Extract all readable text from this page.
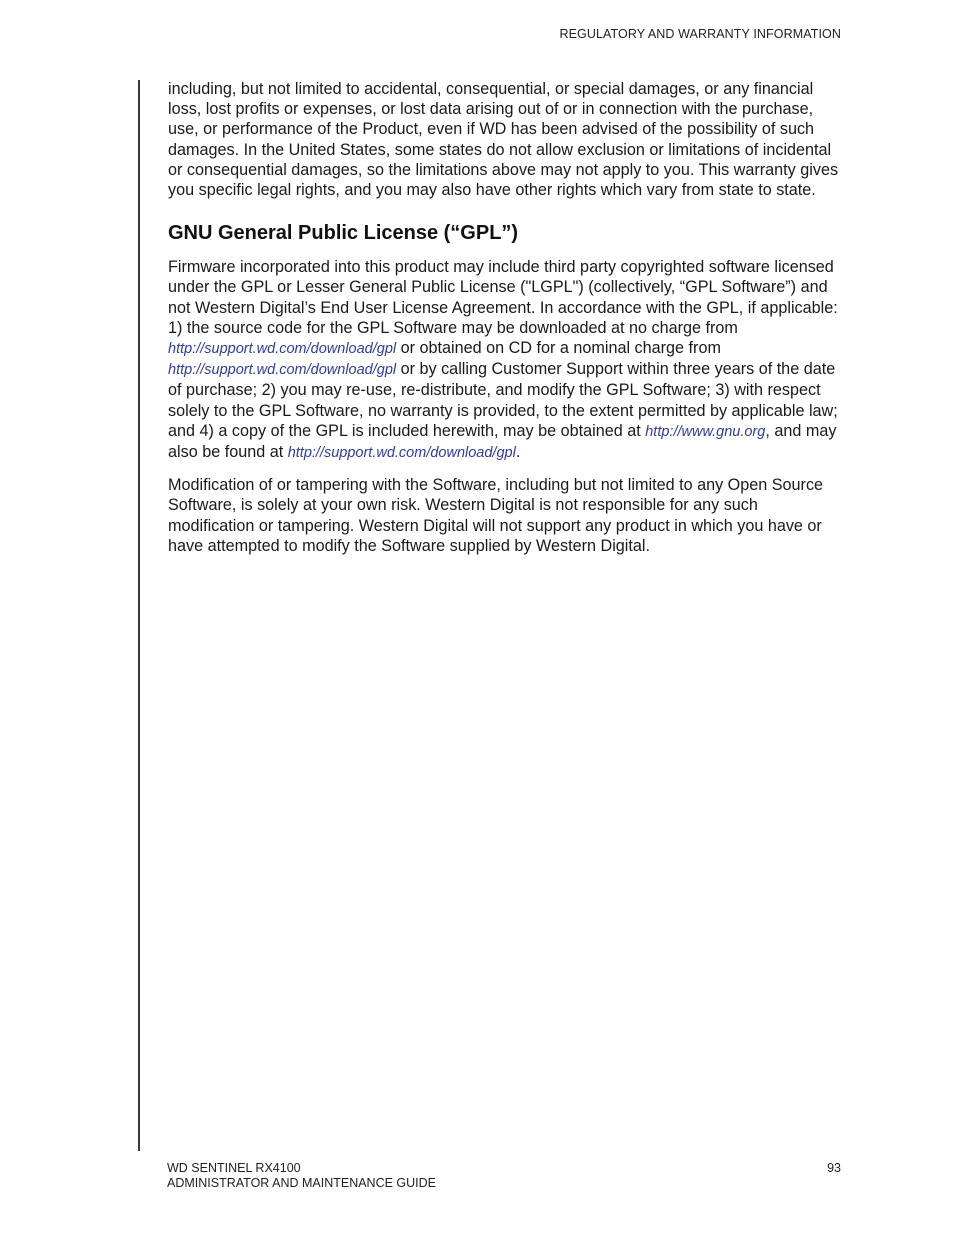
REGULATORY AND WARRANTY INFORMATION

including, but not limited to accidental, consequential, or special damages, or any financial loss, lost profits or expenses, or lost data arising out of or in connection with the purchase, use, or performance of the Product, even if WD has been advised of the possibility of such damages. In the United States, some states do not allow exclusion or limitations of incidental or consequential damages, so the limitations above may not apply to you. This warranty gives you specific legal rights, and you may also have other rights which vary from state to state.

GNU General Public License (“GPL”)

Firmware incorporated into this product may include third party copyrighted software licensed under the GPL or Lesser General Public License ("LGPL") (collectively, “GPL Software”) and not Western Digital’s End User License Agreement. In accordance with the GPL, if applicable: 1) the source code for the GPL Software may be downloaded at no charge from http://support.wd.com/download/gpl or obtained on CD for a nominal charge from http://support.wd.com/download/gpl or by calling Customer Support within three years of the date of purchase; 2) you may re-use, re-distribute, and modify the GPL Software; 3) with respect solely to the GPL Software, no warranty is provided, to the extent permitted by applicable law; and 4) a copy of the GPL is included herewith, may be obtained at http://www.gnu.org, and may also be found at http://support.wd.com/download/gpl.

Modification of or tampering with the Software, including but not limited to any Open Source Software, is solely at your own risk. Western Digital is not responsible for any such modification or tampering. Western Digital will not support any product in which you have or have attempted to modify the Software supplied by Western Digital.

WD SENTINEL RX4100
ADMINISTRATOR AND MAINTENANCE GUIDE
93
